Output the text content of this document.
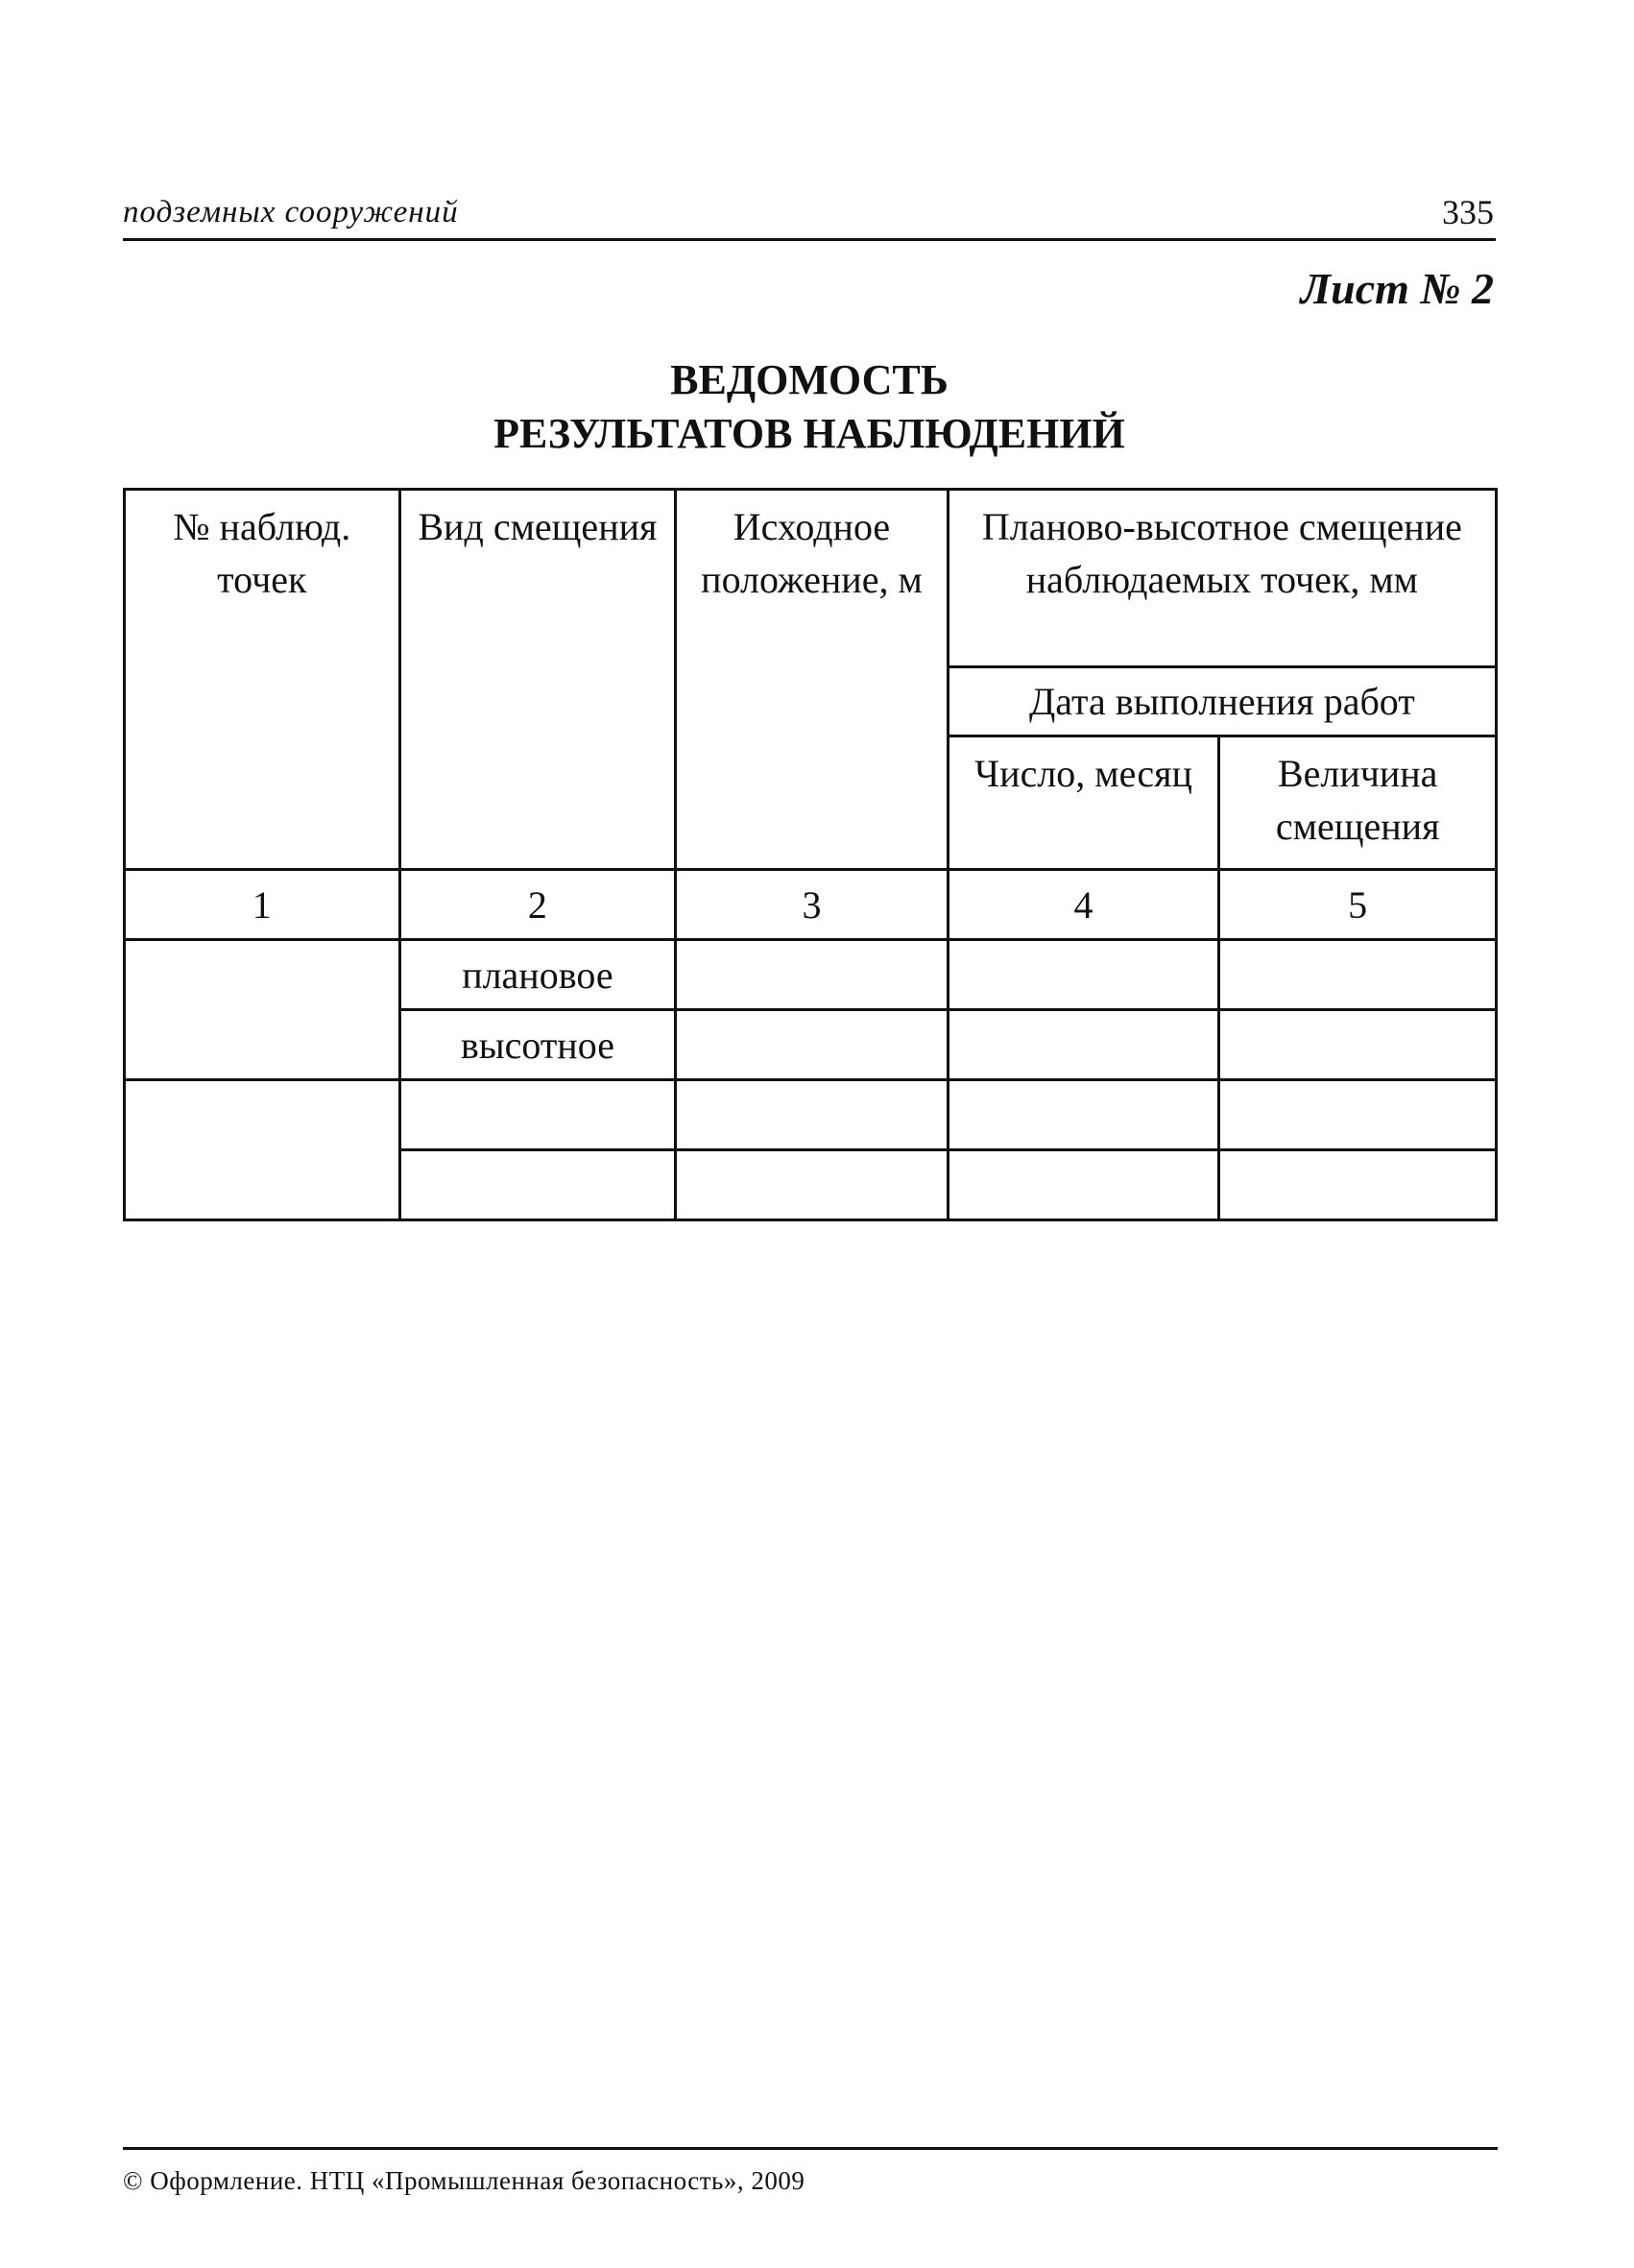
подземных сооружений	335
Лист № 2
ВЕДОМОСТЬ
РЕЗУЛЬТАТОВ НАБЛЮДЕНИЙ
№ наблюд. точек	Вид смещения	Исходное положение, м	Планово-высотное смещение наблюдаемых точек, мм	
			Дата выполнения работ	
			Число, месяц	Величина смещения
1	2	3	4	5
	плановое			
	высотное			

© Оформление. НТЦ «Промышленная безопасность», 2009
